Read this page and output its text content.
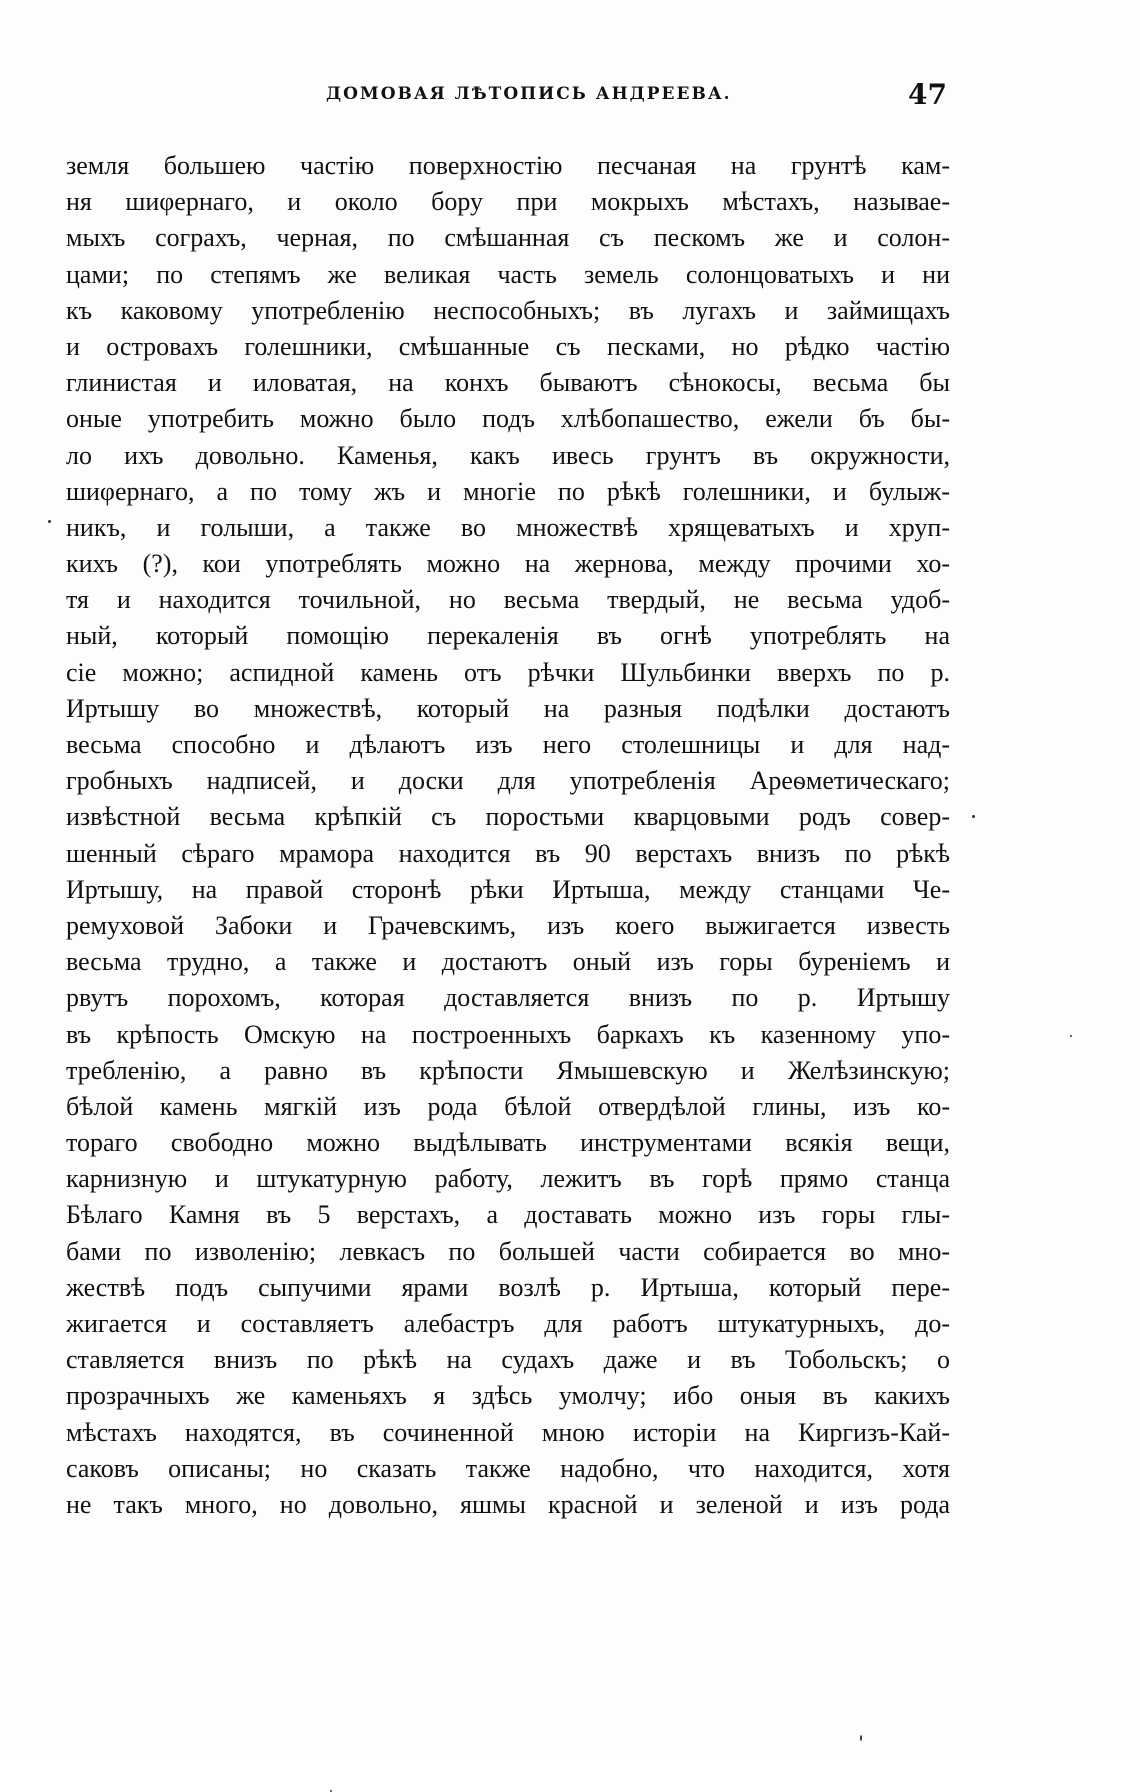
ДОМОВАЯ ЛѢТОПИСЬ АНДРЕЕВА.	47
земля большею частію поверхностію песчаная на грунтѣ кам-
ня шиφернаго, и около бору при мокрыхъ мѣстахъ, называе-
мыхъ сограхъ, черная, по смѣшанная съ пескомъ же и солон-
цами; по степямъ же великая часть земель солонцоватыхъ и ни
къ каковому употребленію неспособныхъ; въ лугахъ и займищахъ
и островахъ голешники, смѣшанные съ песками, но рѣдко частію
глинистая и иловатая, на конхъ бываютъ сѣнокосы, весьма бы
оные употребить можно было подъ хлѣбопашество, ежели бъ бы-
ло ихъ довольно. Каменья, какъ ивесь грунтъ въ окружности,
шиφернаго, а по тому жъ и многіе по рѣкѣ голешники, и булыж-
никъ, и голыши, а также во множествѣ хрящеватыхъ и хруп-
кихъ (?), кои употреблять можно на жернова, между прочими хо-
тя и находится точильной, но весьма твердый, не весьма удоб-
ный, который помощію перекаленія въ огнѣ употреблять на
сіе можно; аспидной камень отъ рѣчки Шульбинки вверхъ по р.
Иртышу во множествѣ, который на разныя подѣлки достаютъ
весьма способно и дѣлаютъ изъ него столешницы и для над-
гробныхъ надписей, и доски для употребленія Ареѳметическаго;
извѣстной весьма крѣпкій съ поростьми кварцовыми родъ совер-
шенный сѣраго мрамора находится въ 90 верстахъ внизъ по рѣкѣ
Иртышу, на правой сторонѣ рѣки Иртыша, между станцами Че-
ремуховой Забоки и Грачевскимъ, изъ коего выжигается известь
весьма трудно, а также и достаютъ оный изъ горы буреніемъ и
рвутъ порохомъ, которая доставляется внизъ по р. Иртышу
въ крѣпость Омскую на построенныхъ баркахъ къ казенному упо-
требленію, а равно въ крѣпости Ямышевскую и Желѣзинскую;
бѣлой камень мягкій изъ рода бѣлой отвердѣлой глины, изъ ко-
тораго свободно можно выдѣлывать инструментами всякія вещи,
карнизную и штукатурную работу, лежитъ въ горѣ прямо станца
Бѣлаго Камня въ 5 верстахъ, а доставать можно изъ горы глы-
бами по изволенію; левкасъ по большей части собирается во мно-
жествѣ подъ сыпучими ярами возлѣ р. Иртыша, который пере-
жигается и составляетъ алебастръ для работъ штукатурныхъ, до-
ставляется внизъ по рѣкѣ на судахъ даже и въ Тобольскъ; о
прозрачныхъ же каменьяхъ я здѣсь умолчу; ибо оныя въ какихъ
мѣстахъ находятся, въ сочиненной мною исторіи на Киргизъ-Кай-
саковъ описаны; но сказать также надобно, что находится, хотя
не такъ много, но довольно, яшмы красной и зеленой и изъ рода
